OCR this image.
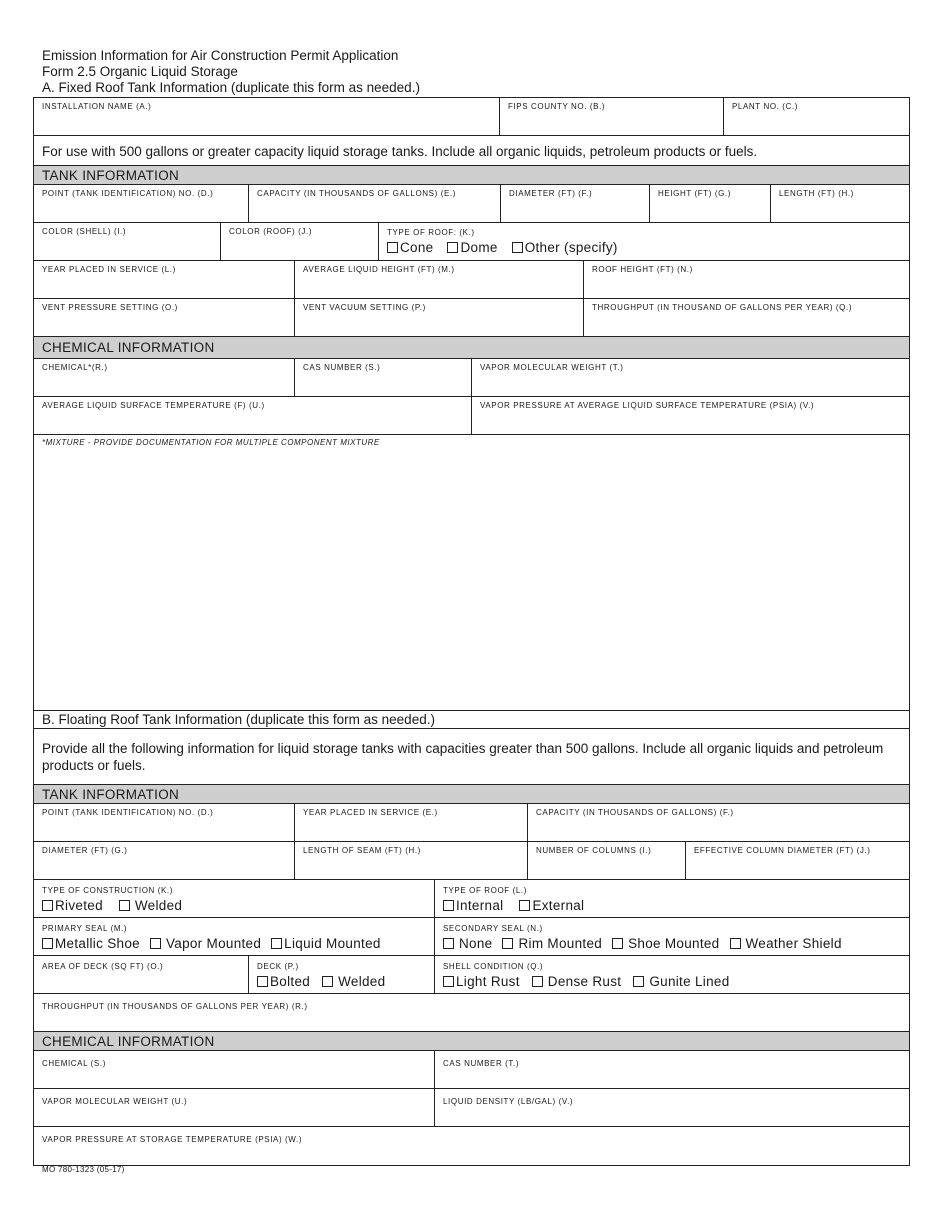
Emission Information for Air Construction Permit Application
Form 2.5 Organic Liquid Storage
A. Fixed Roof Tank Information (duplicate this form as needed.)
INSTALLATION NAME (A.)	FIPS COUNTY NO. (B.)	PLANT NO. (C.)
For use with 500 gallons or greater capacity liquid storage tanks. Include all organic liquids, petroleum products or fuels.
TANK INFORMATION
POINT (TANK IDENTIFICATION) NO. (D.)	CAPACITY (IN THOUSANDS OF GALLONS) (E.)	DIAMETER (FT) (F.)	HEIGHT (FT) (G.)	LENGTH (FT) (H.)
COLOR (SHELL) (I.)	COLOR (ROOF) (J.)	TYPE OF ROOF: (K.)
Cone Dome Other (specify)
YEAR PLACED IN SERVICE (L.)	AVERAGE LIQUID HEIGHT (FT) (M.)	ROOF HEIGHT (FT) (N.)
VENT PRESSURE SETTING (O.)	VENT VACUUM SETTING (P.)	THROUGHPUT (IN THOUSAND OF GALLONS PER YEAR) (Q.)
CHEMICAL INFORMATION
CHEMICAL*(R.)	CAS NUMBER (S.)	VAPOR MOLECULAR WEIGHT (T.)
AVERAGE LIQUID SURFACE TEMPERATURE (F) (U.)	VAPOR PRESSURE AT AVERAGE LIQUID SURFACE TEMPERATURE (PSIA) (V.)
*MIXTURE - PROVIDE DOCUMENTATION FOR MULTIPLE COMPONENT MIXTURE
B. Floating Roof Tank Information (duplicate this form as needed.)
Provide all the following information for liquid storage tanks with capacities greater than 500 gallons. Include all organic liquids and petroleum products or fuels.
TANK INFORMATION
POINT (TANK IDENTIFICATION) NO. (D.)	YEAR PLACED IN SERVICE (E.)	CAPACITY (IN THOUSANDS OF GALLONS) (F.)
DIAMETER (FT) (G.)	LENGTH OF SEAM (FT) (H.)	NUMBER OF COLUMNS (I.)	EFFECTIVE COLUMN DIAMETER (FT) (J.)
TYPE OF CONSTRUCTION (K.)
Riveted Welded
TYPE OF ROOF (L.)
Internal External
PRIMARY SEAL (M.)
Metallic Shoe Vapor Mounted Liquid Mounted
SECONDARY SEAL (N.)
None Rim Mounted Shoe Mounted Weather Shield
AREA OF DECK (SQ FT) (O.)	DECK (P.)
Bolted Welded
SHELL CONDITION (Q.)
Light Rust Dense Rust Gunite Lined
THROUGHPUT (IN THOUSANDS OF GALLONS PER YEAR) (R.)
CHEMICAL INFORMATION
CHEMICAL (S.)	CAS NUMBER (T.)
VAPOR MOLECULAR WEIGHT (U.)	LIQUID DENSITY (LB/GAL) (V.)
VAPOR PRESSURE AT STORAGE TEMPERATURE (PSIA) (W.)
MO 780-1323 (05-17)
